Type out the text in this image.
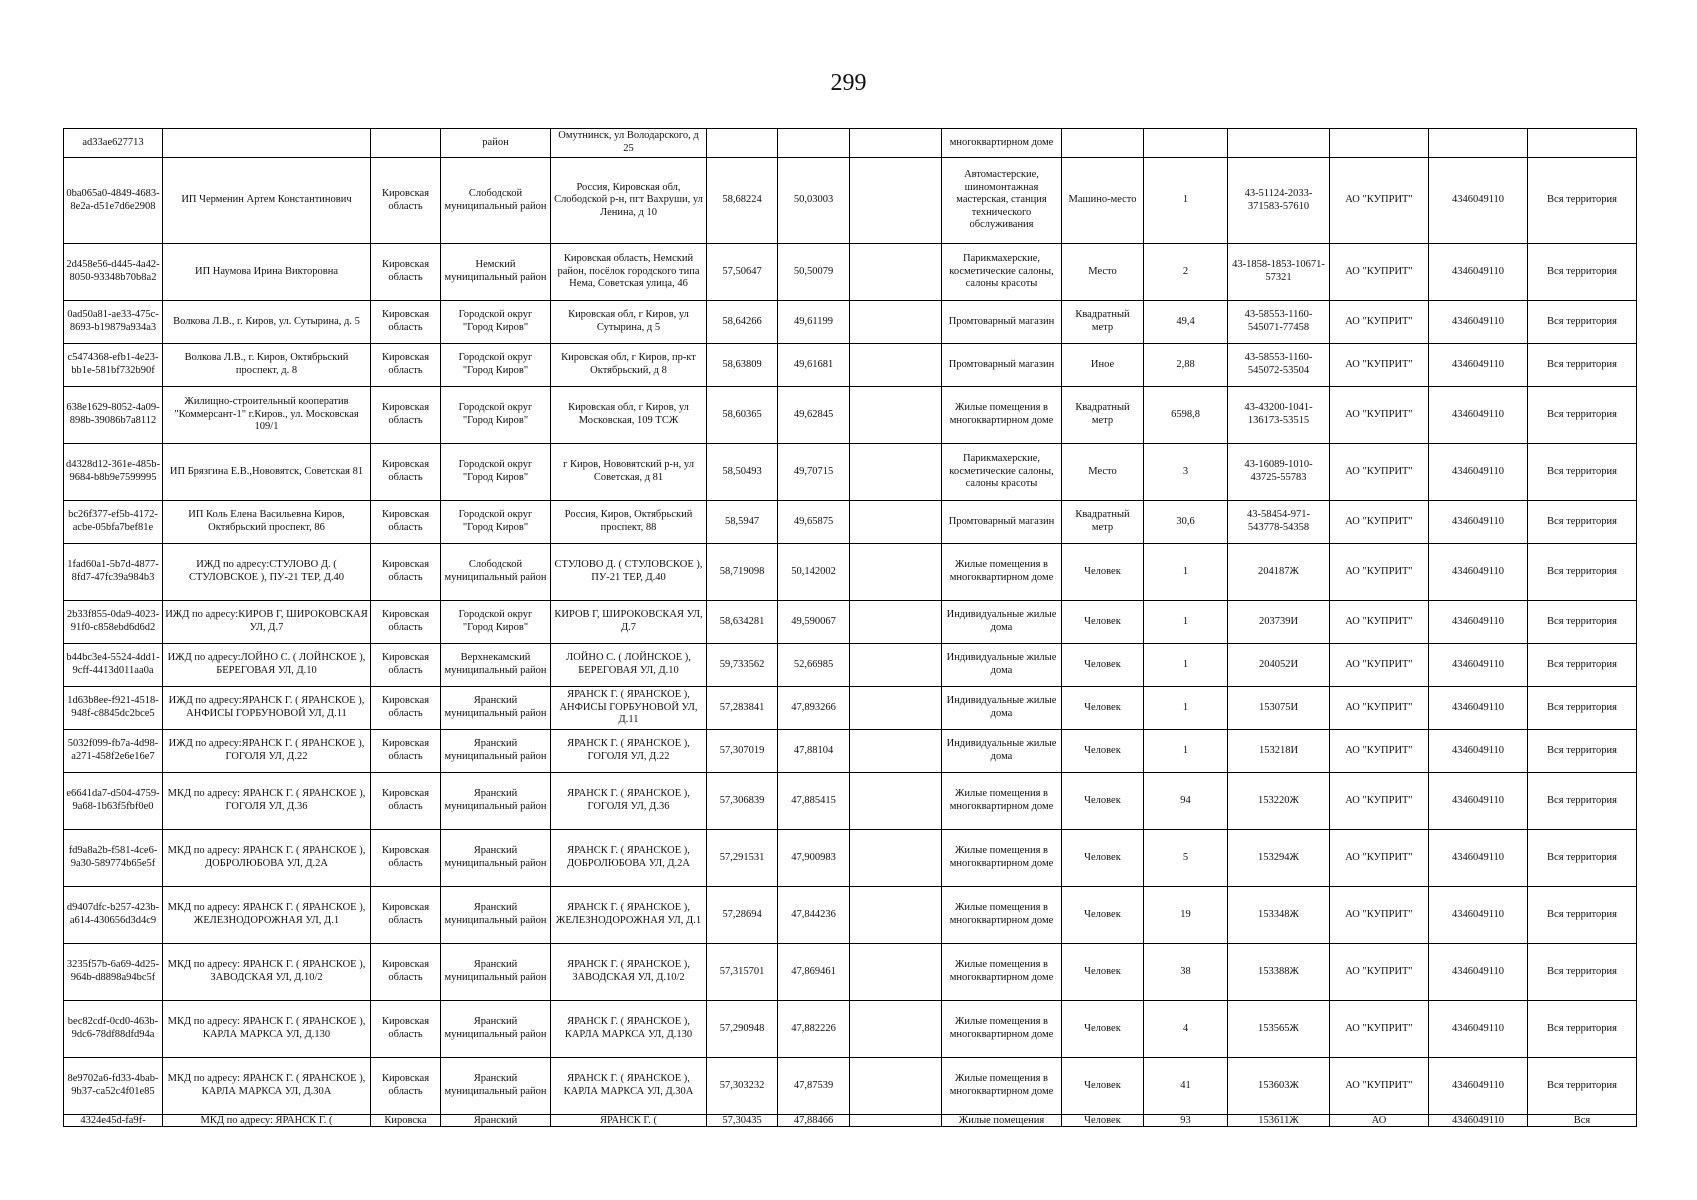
299
ad33ae627713			район	Омутнинск, ул Володарского, д 25				многоквартирном доме						
0ba065a0-4849-4683-8e2a-d51e7d6e2908	ИП Черменин Артем Константинович	Кировская область	Слободской муниципальный район	Россия, Кировская обл, Слободской р-н, пгт Вахруши, ул Ленина, д 10	58,68224	50,03003		Автомастерские, шиномонтажная мастерская, станция технического обслуживания	Машино-место	1	43-51124-2033-371583-57610	АО "КУПРИТ"	4346049110	Вся территория
2d458e56-d445-4a42-8050-93348b70b8a2	ИП Наумова Ирина Викторовна	Кировская область	Немский муниципальный район	Кировская область, Немский район, посёлок городского типа Нема, Советская улица, 46	57,50647	50,50079		Парикмахерские, косметические салоны, салоны красоты	Место	2	43-1858-1853-10671-57321	АО "КУПРИТ"	4346049110	Вся территория
0ad50a81-ae33-475c-8693-b19879a934a3	Волкова Л.В., г. Киров, ул. Сутырина, д. 5	Кировская область	Городской округ "Город Киров"	Кировская обл, г Киров, ул Сутырина, д 5	58,64266	49,61199		Промтоварный магазин	Квадратный метр	49,4	43-58553-1160-545071-77458	АО "КУПРИТ"	4346049110	Вся территория
c5474368-efb1-4e23-bb1e-581bf732b90f	Волкова Л.В., г. Киров, Октябрьский проспект, д. 8	Кировская область	Городской округ "Город Киров"	Кировская обл, г Киров, пр-кт Октябрьский, д 8	58,63809	49,61681		Промтоварный магазин	Иное	2,88	43-58553-1160-545072-53504	АО "КУПРИТ"	4346049110	Вся территория
638e1629-8052-4a09-898b-39086b7a8112	Жилищно-строительный кооператив "Коммерсант-1" г.Киров., ул. Московская 109/1	Кировская область	Городской округ "Город Киров"	Кировская обл, г Киров, ул Московская, 109 ТСЖ	58,60365	49,62845		Жилые помещения в многоквартирном доме	Квадратный метр	6598,8	43-43200-1041-136173-53515	АО "КУПРИТ"	4346049110	Вся территория
d4328d12-361e-485b-9684-b8b9e7599995	ИП Брязгина Е.В.,Нововятск, Советская 81	Кировская область	Городской округ "Город Киров"	г Киров, Нововятский р-н, ул Советская, д 81	58,50493	49,70715		Парикмахерские, косметические салоны, салоны красоты	Место	3	43-16089-1010-43725-55783	АО "КУПРИТ"	4346049110	Вся территория
bc26f377-ef5b-4172-acbe-05bfa7bef81e	ИП Коль Елена Васильевна Киров, Октябрьский проспект, 86	Кировская область	Городской округ "Город Киров"	Россия, Киров, Октябрьский проспект, 88	58,5947	49,65875		Промтоварный магазин	Квадратный метр	30,6	43-58454-971-543778-54358	АО "КУПРИТ"	4346049110	Вся территория
1fad60a1-5b7d-4877-8fd7-47fc39a984b3	ИЖД по адресу:СТУЛОВО Д. ( СТУЛОВСКОЕ ), ПУ-21 ТЕР, Д.40	Кировская область	Слободской муниципальный район	СТУЛОВО Д. ( СТУЛОВСКОЕ ), ПУ-21 ТЕР, Д.40	58,719098	50,142002		Жилые помещения в многоквартирном доме	Человек	1	204187Ж	АО "КУПРИТ"	4346049110	Вся территория
2b33f855-0da9-4023-91f0-c858ebd6d6d2	ИЖД по адресу:КИРОВ Г, ШИРОКОВСКАЯ УЛ, Д.7	Кировская область	Городской округ "Город Киров"	КИРОВ Г, ШИРОКОВСКАЯ УЛ, Д.7	58,634281	49,590067		Индивидуальные жилые дома	Человек	1	203739И	АО "КУПРИТ"	4346049110	Вся территория
b44bc3e4-5524-4dd1-9cff-4413d011aa0a	ИЖД по адресу:ЛОЙНО С. ( ЛОЙНСКОЕ ), БЕРЕГОВАЯ УЛ, Д.10	Кировская область	Верхнекамский муниципальный район	ЛОЙНО С. ( ЛОЙНСКОЕ ), БЕРЕГОВАЯ УЛ, Д.10	59,733562	52,66985		Индивидуальные жилые дома	Человек	1	204052И	АО "КУПРИТ"	4346049110	Вся территория
1d63b8ee-f921-4518-948f-c8845dc2bce5	ИЖД по адресу:ЯРАНСК Г. ( ЯРАНСКОЕ ), АНФИСЫ ГОРБУНОВОЙ УЛ, Д.11	Кировская область	Яранский муниципальный район	ЯРАНСК Г. ( ЯРАНСКОЕ ), АНФИСЫ ГОРБУНОВОЙ УЛ, Д.11	57,283841	47,893266		Индивидуальные жилые дома	Человек	1	153075И	АО "КУПРИТ"	4346049110	Вся территория
5032f099-fb7a-4d98-a271-458f2e6e16e7	ИЖД по адресу:ЯРАНСК Г. ( ЯРАНСКОЕ ), ГОГОЛЯ УЛ, Д.22	Кировская область	Яранский муниципальный район	ЯРАНСК Г. ( ЯРАНСКОЕ ), ГОГОЛЯ УЛ, Д.22	57,307019	47,88104		Индивидуальные жилые дома	Человек	1	153218И	АО "КУПРИТ"	4346049110	Вся территория
e6641da7-d504-4759-9a68-1b63f5fbf0e0	МКД по адресу: ЯРАНСК Г. ( ЯРАНСКОЕ ), ГОГОЛЯ УЛ, Д.36	Кировская область	Яранский муниципальный район	ЯРАНСК Г. ( ЯРАНСКОЕ ), ГОГОЛЯ УЛ, Д.36	57,306839	47,885415		Жилые помещения в многоквартирном доме	Человек	94	153220Ж	АО "КУПРИТ"	4346049110	Вся территория
fd9a8a2b-f581-4ce6-9a30-589774b65e5f	МКД по адресу: ЯРАНСК Г. ( ЯРАНСКОЕ ), ДОБРОЛЮБОВА УЛ, Д.2А	Кировская область	Яранский муниципальный район	ЯРАНСК Г. ( ЯРАНСКОЕ ), ДОБРОЛЮБОВА УЛ, Д.2А	57,291531	47,900983		Жилые помещения в многоквартирном доме	Человек	5	153294Ж	АО "КУПРИТ"	4346049110	Вся территория
d9407dfc-b257-423b-a614-430656d3d4c9	МКД по адресу: ЯРАНСК Г. ( ЯРАНСКОЕ ), ЖЕЛЕЗНОДОРОЖНАЯ УЛ, Д.1	Кировская область	Яранский муниципальный район	ЯРАНСК Г. ( ЯРАНСКОЕ ), ЖЕЛЕЗНОДОРОЖНАЯ УЛ, Д.1	57,28694	47,844236		Жилые помещения в многоквартирном доме	Человек	19	153348Ж	АО "КУПРИТ"	4346049110	Вся территория
3235f57b-6a69-4d25-964b-d8898a94bc5f	МКД по адресу: ЯРАНСК Г. ( ЯРАНСКОЕ ), ЗАВОДСКАЯ УЛ, Д.10/2	Кировская область	Яранский муниципальный район	ЯРАНСК Г. ( ЯРАНСКОЕ ), ЗАВОДСКАЯ УЛ, Д.10/2	57,315701	47,869461		Жилые помещения в многоквартирном доме	Человек	38	153388Ж	АО "КУПРИТ"	4346049110	Вся территория
bec82cdf-0cd0-463b-9dc6-78df88dfd94a	МКД по адресу: ЯРАНСК Г. ( ЯРАНСКОЕ ), КАРЛА МАРКСА УЛ, Д.130	Кировская область	Яранский муниципальный район	ЯРАНСК Г. ( ЯРАНСКОЕ ), КАРЛА МАРКСА УЛ, Д.130	57,290948	47,882226		Жилые помещения в многоквартирном доме	Человек	4	153565Ж	АО "КУПРИТ"	4346049110	Вся территория
8e9702a6-fd33-4bab-9b37-ca52c4f01e85	МКД по адресу: ЯРАНСК Г. ( ЯРАНСКОЕ ), КАРЛА МАРКСА УЛ, Д.30А	Кировская область	Яранский муниципальный район	ЯРАНСК Г. ( ЯРАНСКОЕ ), КАРЛА МАРКСА УЛ, Д.30А	57,303232	47,87539		Жилые помещения в многоквартирном доме	Человек	41	153603Ж	АО "КУПРИТ"	4346049110	Вся территория
4324e45d-fa9f-	МКД по адресу: ЯРАНСК Г. (	Кировска	Яранский	ЯРАНСК Г. (	57,30435	47,88466		Жилые помещения	Человек	93	153611Ж	АО	4346049110	Вся
